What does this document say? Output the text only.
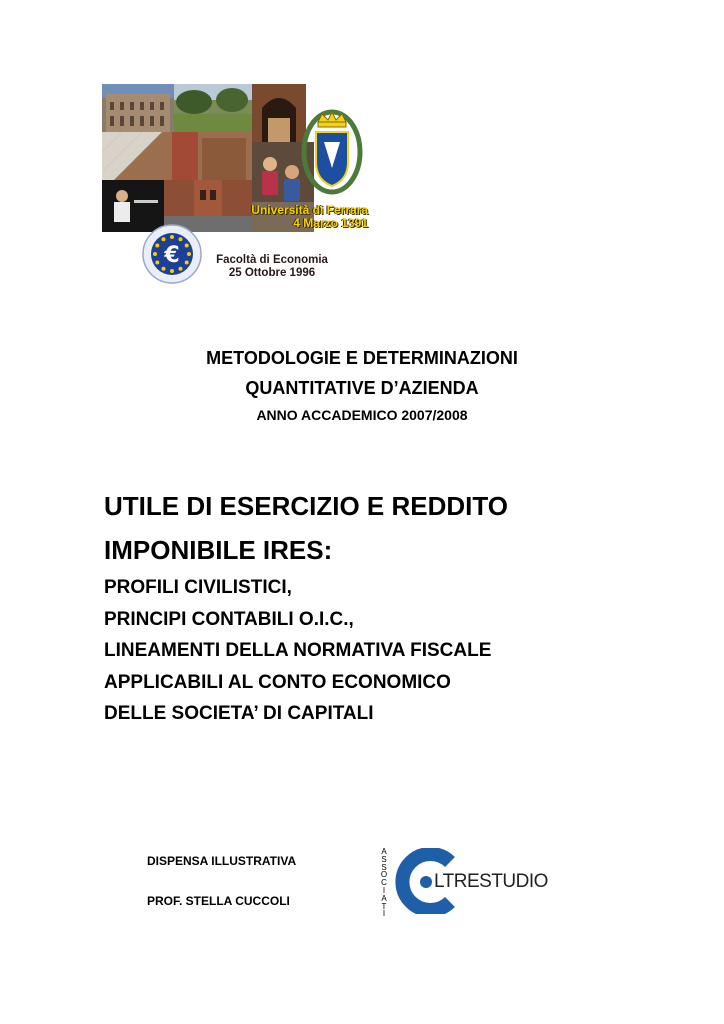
Università di Ferrara
4 Marzo 1391
€	Facoltà di Economia
25 Ottobre 1996
METODOLOGIE E DETERMINAZIONI
QUANTITATIVE D’AZIENDA
ANNO ACCADEMICO 2007/2008
UTILE DI ESERCIZIO E REDDITO
IMPONIBILE IRES:
PROFILI CIVILISTICI,
PRINCIPI CONTABILI O.I.C.,
LINEAMENTI DELLA NORMATIVA FISCALE
APPLICABILI AL CONTO ECONOMICO
DELLE SOCIETA’ DI CAPITALI
DISPENSA ILLUSTRATIVA
PROF. STELLA CUCCOLI
A
S
S
O
C
I
A
T
I
LTRESTUDIO
